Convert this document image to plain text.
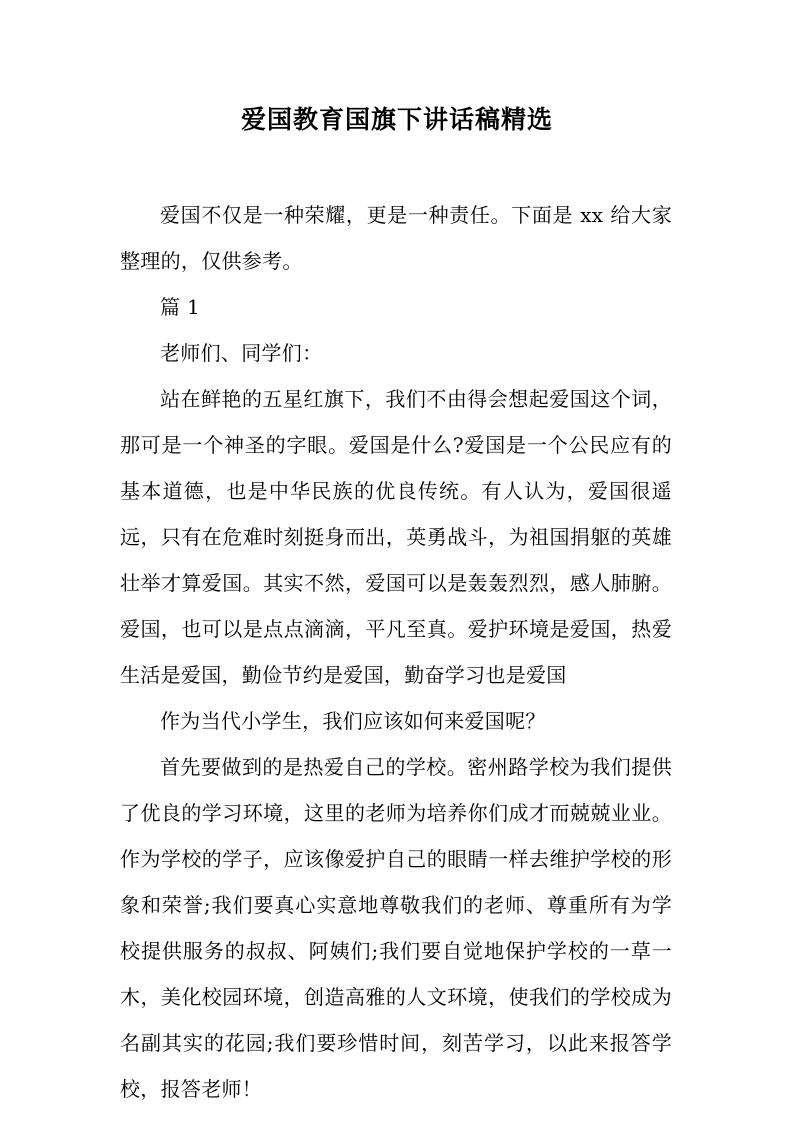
爱国教育国旗下讲话稿精选

爱国不仅是一种荣耀，更是一种责任。下面是 xx 给大家整理的，仅供参考。

篇 1

老师们、同学们：

站在鲜艳的五星红旗下，我们不由得会想起爱国这个词，那可是一个神圣的字眼。爱国是什么?爱国是一个公民应有的基本道德，也是中华民族的优良传统。有人认为，爱国很遥远，只有在危难时刻挺身而出，英勇战斗，为祖国捐躯的英雄壮举才算爱国。其实不然，爱国可以是轰轰烈烈，感人肺腑。爱国，也可以是点点滴滴，平凡至真。爱护环境是爱国，热爱生活是爱国，勤俭节约是爱国，勤奋学习也是爱国

作为当代小学生，我们应该如何来爱国呢？

首先要做到的是热爱自己的学校。密州路学校为我们提供了优良的学习环境，这里的老师为培养你们成才而兢兢业业。作为学校的学子，应该像爱护自己的眼睛一样去维护学校的形象和荣誉;我们要真心实意地尊敬我们的老师、尊重所有为学校提供服务的叔叔、阿姨们;我们要自觉地保护学校的一草一木，美化校园环境，创造高雅的人文环境，使我们的学校成为名副其实的花园;我们要珍惜时间，刻苦学习，以此来报答学校，报答老师！
